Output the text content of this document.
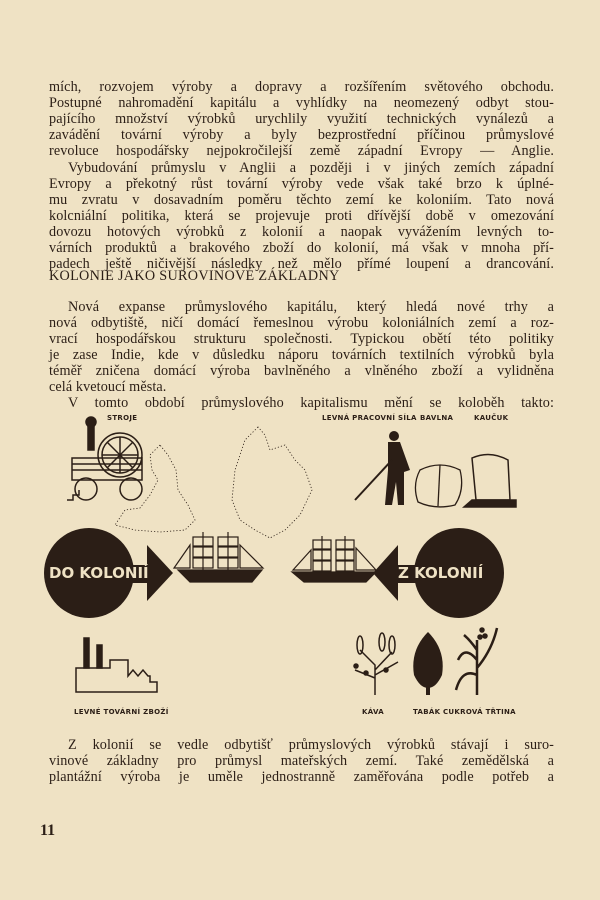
mích, rozvojem výroby a dopravy a rozšířením světového obchodu.
Postupné nahromadění kapitálu a vyhlídky na neomezený odbyt stou-
pajícího množství výrobků urychlily využití technických vynálezů a
zavádění tovární výroby a byly bezprostřední příčinou průmyslové
revoluce hospodářsky nejpokročilejší země západní Evropy — Anglie.
Vybudování průmyslu v Anglii a později i v jiných zemích západní
Evropy a překotný růst tovární výroby vede však také brzo k úplné-
mu zvratu v dosavadním poměru těchto zemí ke koloniím. Tato nová
kolcniální politika, která se projevuje proti dřívější době v omezování
dovozu hotových výrobků z kolonií a naopak vyvážením levných to-
várních produktů a brakového zboží do kolonií, má však v mnoha pří-
padech ještě ničivější následky než mělo přímé loupení a drancování.
KOLONIE JAKO SUROVINOVÉ ZÁKLADNY
Nová expanse průmyslového kapitálu, který hledá nové trhy a
nová odbytiště, ničí domácí řemeslnou výrobu koloniálních zemí a roz-
vrací hospodářskou strukturu společnosti. Typickou obětí této politiky
je zase Indie, kde v důsledku náporu továrních textilních výrobků byla
téměř zničena domácí výroba bavlněného a vlněného zboží a vylidněna
celá kvetoucí města.
V tomto období průmyslového kapitalismu mění se koloběh takto:
DO KOLONIÍ	Z KOLONIÍ
STROJE	LEVNÁ PRACOVNÍ SÍLA BAVLNA	KAUČUK
LEVNÉ TOVÁRNÍ ZBOŽÍ	KÁVA	TABÁK CUKROVÁ TŘTINA
Z kolonií se vedle odbytišť průmyslových výrobků stávají i suro-
vinové základny pro průmysl mateřských zemí. Také zemědělská a
plantážní výroba je uměle jednostranně zaměřována podle potřeb a
11
